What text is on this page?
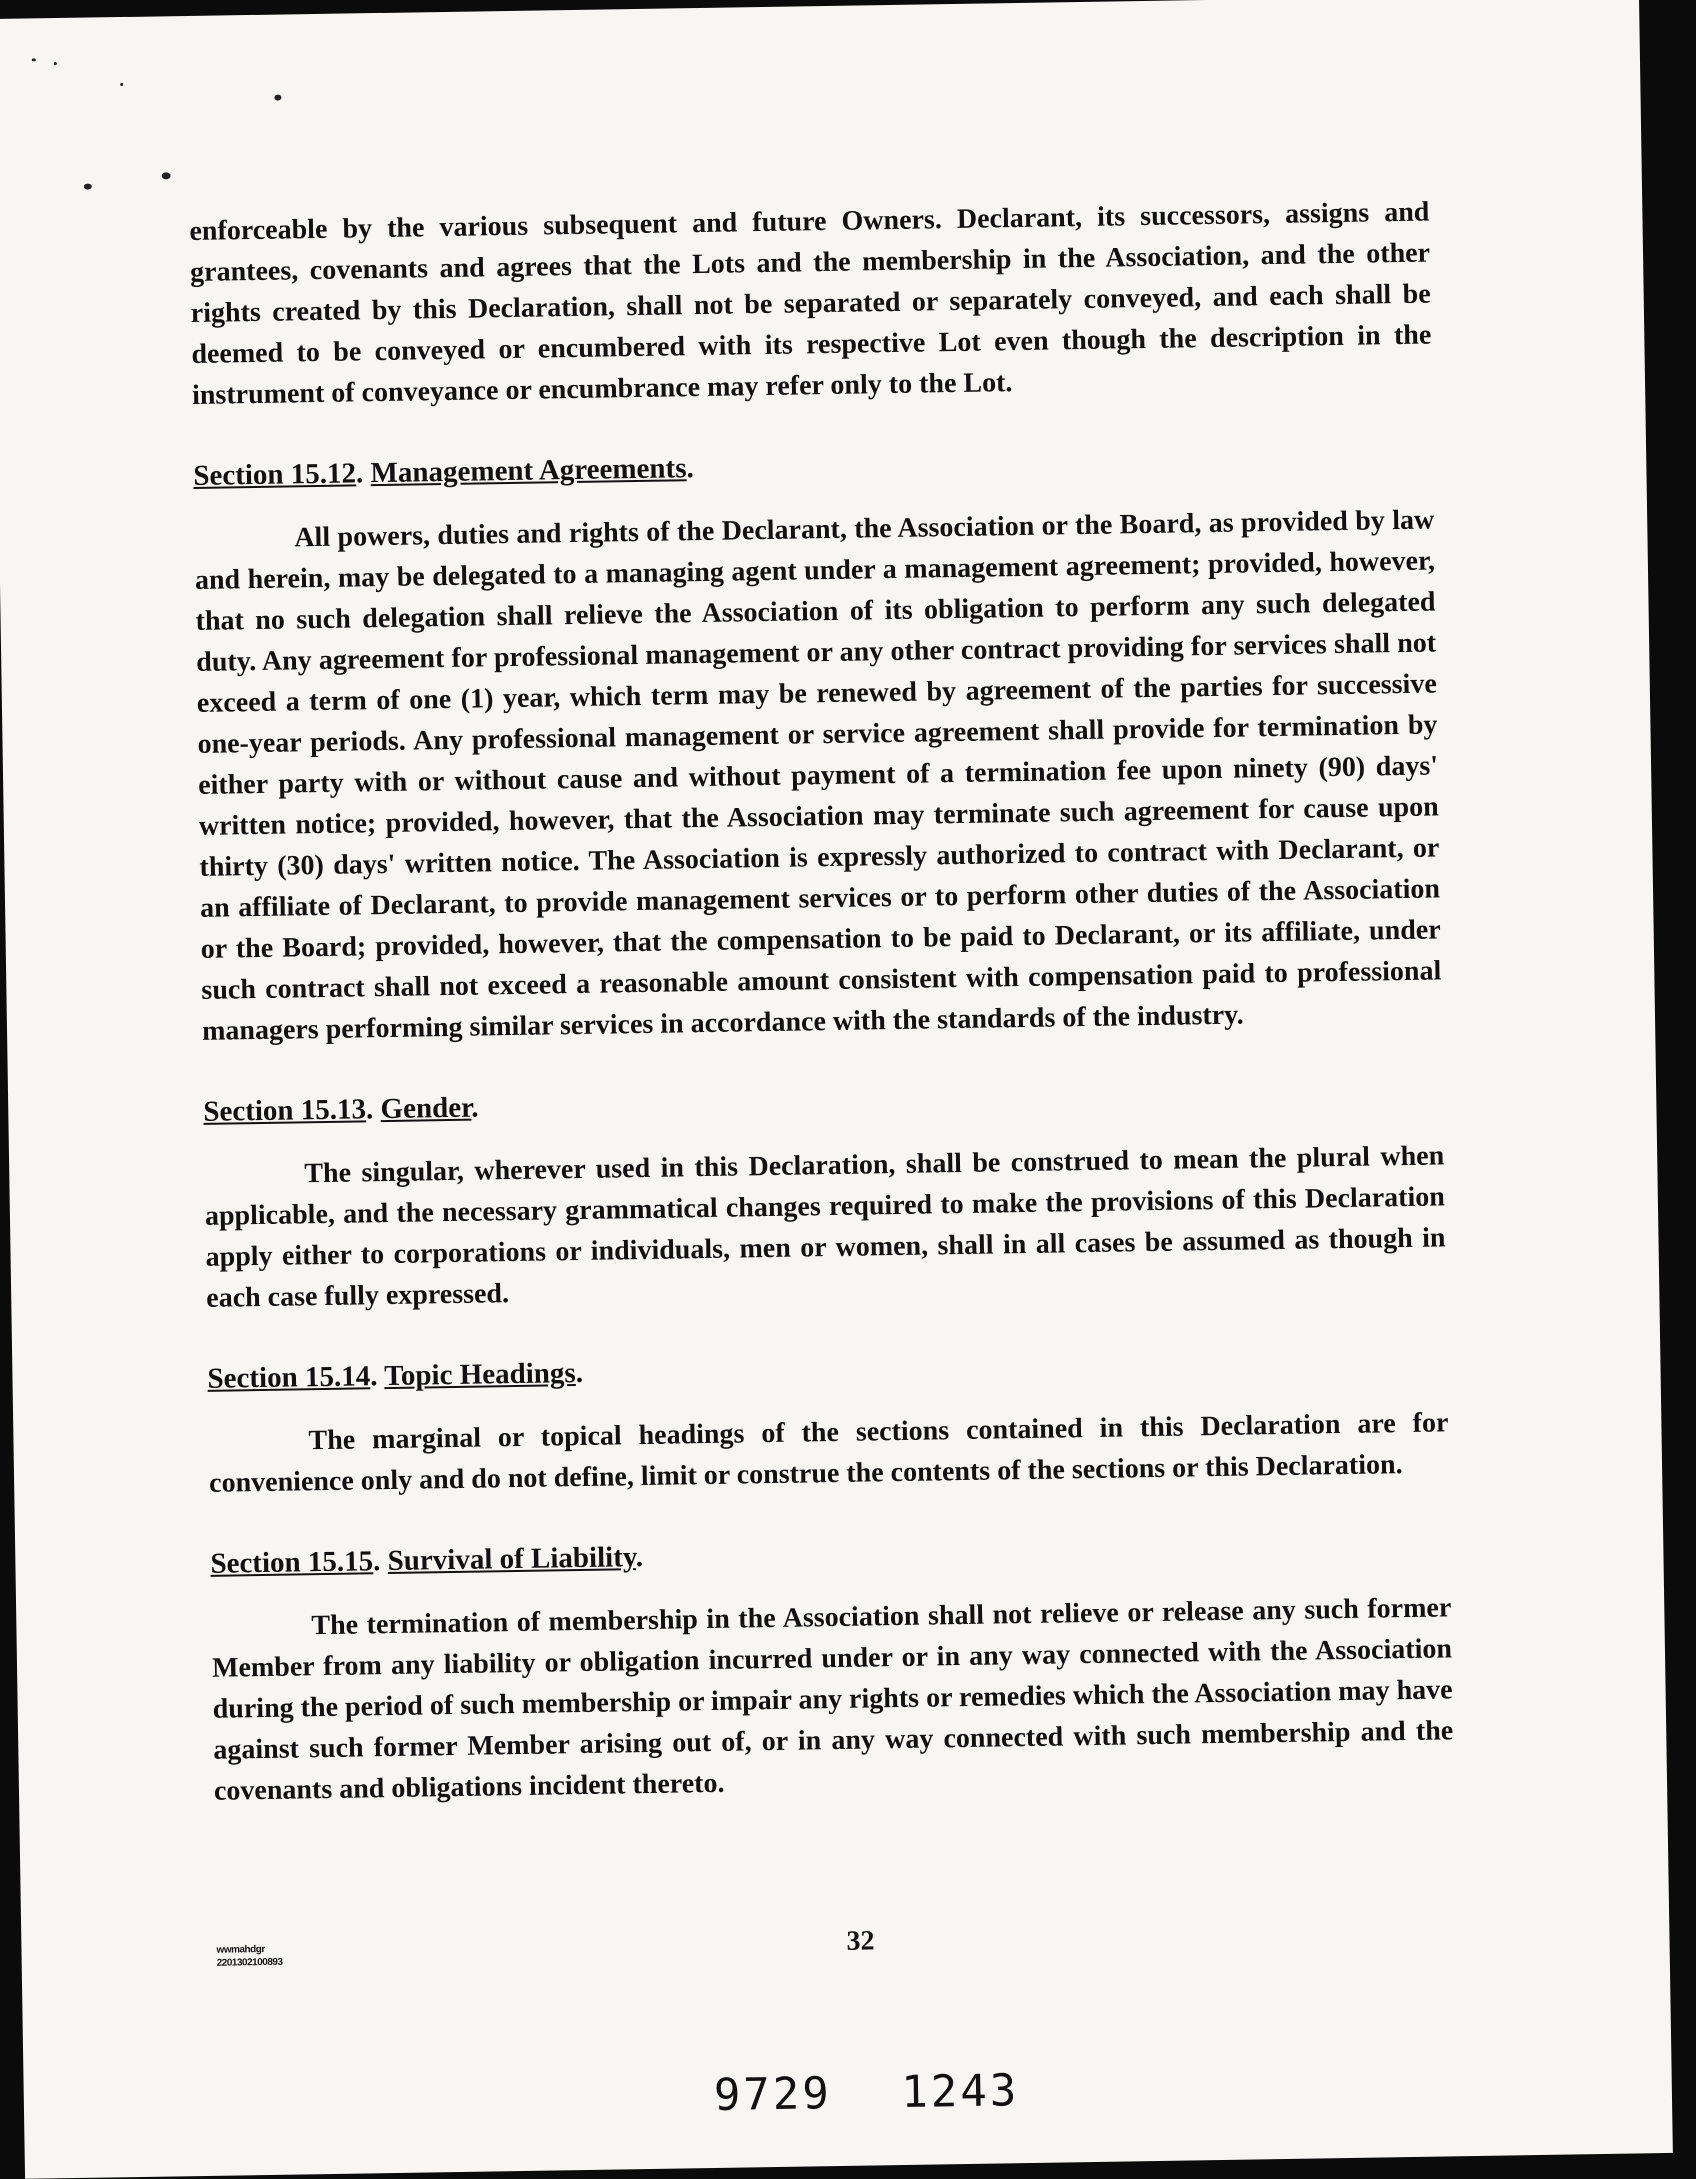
enforceable by the various subsequent and future Owners. Declarant, its successors, assigns and grantees, covenants and agrees that the Lots and the membership in the Association, and the other rights created by this Declaration, shall not be separated or separately conveyed, and each shall be deemed to be conveyed or encumbered with its respective Lot even though the description in the instrument of conveyance or encumbrance may refer only to the Lot.

Section 15.12. Management Agreements.

All powers, duties and rights of the Declarant, the Association or the Board, as provided by law and herein, may be delegated to a managing agent under a management agreement; provided, however, that no such delegation shall relieve the Association of its obligation to perform any such delegated duty. Any agreement for professional management or any other contract providing for services shall not exceed a term of one (1) year, which term may be renewed by agreement of the parties for successive one-year periods. Any professional management or service agreement shall provide for termination by either party with or without cause and without payment of a termination fee upon ninety (90) days' written notice; provided, however, that the Association may terminate such agreement for cause upon thirty (30) days' written notice. The Association is expressly authorized to contract with Declarant, or an affiliate of Declarant, to provide management services or to perform other duties of the Association or the Board; provided, however, that the compensation to be paid to Declarant, or its affiliate, under such contract shall not exceed a reasonable amount consistent with compensation paid to professional managers performing similar services in accordance with the standards of the industry.

Section 15.13. Gender.

The singular, wherever used in this Declaration, shall be construed to mean the plural when applicable, and the necessary grammatical changes required to make the provisions of this Declaration apply either to corporations or individuals, men or women, shall in all cases be assumed as though in each case fully expressed.

Section 15.14. Topic Headings.

The marginal or topical headings of the sections contained in this Declaration are for convenience only and do not define, limit or construe the contents of the sections or this Declaration.

Section 15.15. Survival of Liability.

The termination of membership in the Association shall not relieve or release any such former Member from any liability or obligation incurred under or in any way connected with the Association during the period of such membership or impair any rights or remedies which the Association may have against such former Member arising out of, or in any way connected with such membership and the covenants and obligations incident thereto.

wwmahdgr
2201302100893
32
9729 1243
